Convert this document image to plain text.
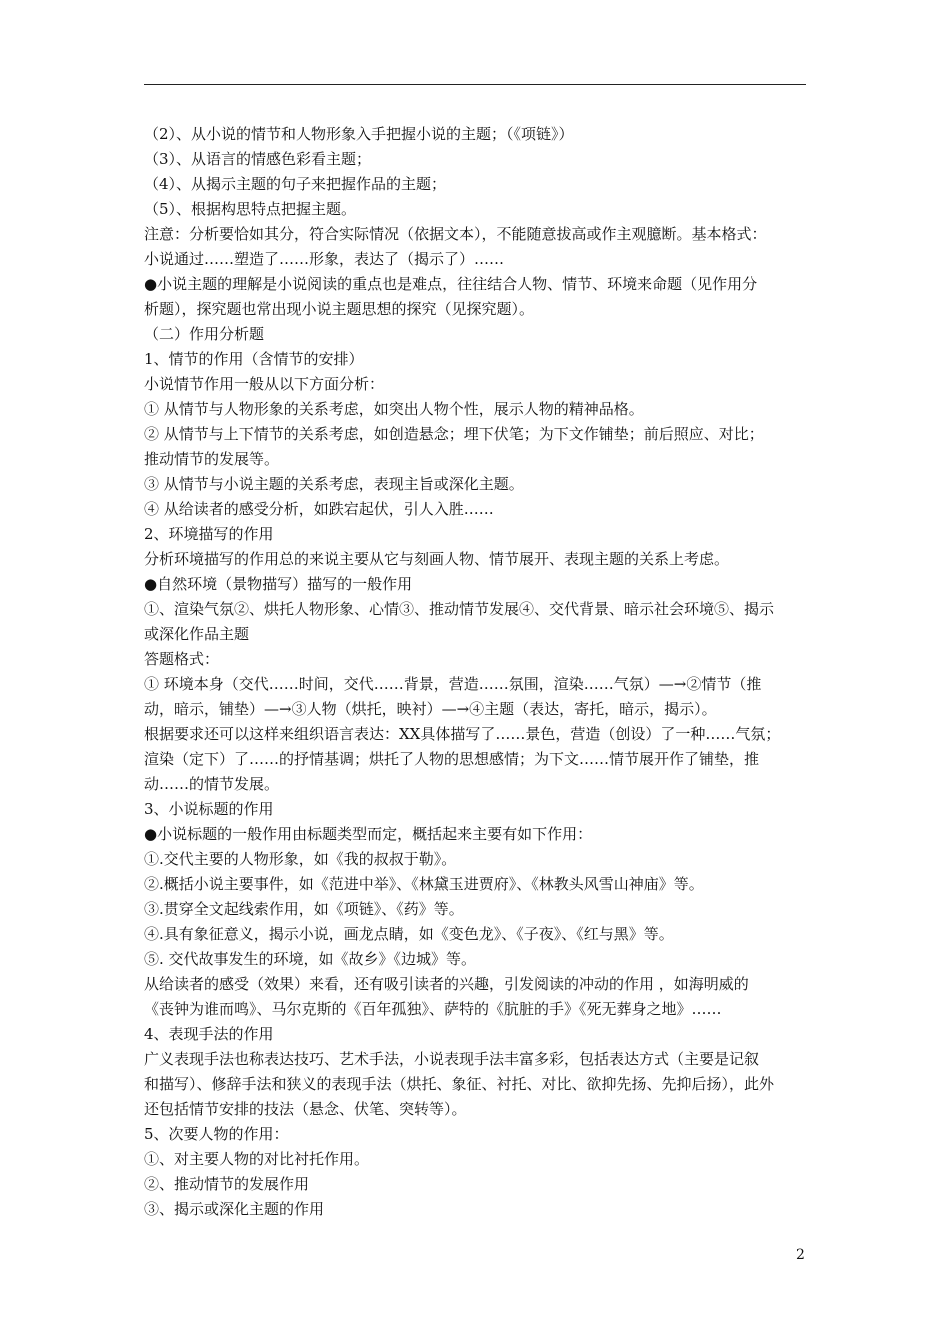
（2）、从小说的情节和人物形象入手把握小说的主题；（《项链》）
（3）、从语言的情感色彩看主题；
（4）、从揭示主题的句子来把握作品的主题；
（5）、根据构思特点把握主题。
注意：分析要恰如其分，符合实际情况（依据文本），不能随意拔高或作主观臆断。基本格式：
小说通过……塑造了……形象，表达了（揭示了）……
●小说主题的理解是小说阅读的重点也是难点，往往结合人物、情节、环境来命题（见作用分
析题），探究题也常出现小说主题思想的探究（见探究题）。
（二）作用分析题
1、情节的作用（含情节的安排）
小说情节作用一般从以下方面分析：
① 从情节与人物形象的关系考虑，如突出人物个性，展示人物的精神品格。
② 从情节与上下情节的关系考虑，如创造悬念；埋下伏笔；为下文作铺垫；前后照应、对比；
推动情节的发展等。
③ 从情节与小说主题的关系考虑，表现主旨或深化主题。
④ 从给读者的感受分析，如跌宕起伏，引人入胜……
2、环境描写的作用
分析环境描写的作用总的来说主要从它与刻画人物、情节展开、表现主题的关系上考虑。
●自然环境（景物描写）描写的一般作用
①、渲染气氛②、烘托人物形象、心情③、推动情节发展④、交代背景、暗示社会环境⑤、揭示
或深化作品主题
答题格式：
① 环境本身（交代……时间，交代……背景，营造……氛围，渲染……气氛）—→②情节（推
动，暗示，铺垫）—→③人物（烘托，映衬）—→④主题（表达，寄托，暗示，揭示）。
根据要求还可以这样来组织语言表达：XX具体描写了……景色，营造（创设）了一种……气氛；
渲染（定下）了……的抒情基调；烘托了人物的思想感情；为下文……情节展开作了铺垫，推
动……的情节发展。
3、小说标题的作用
●小说标题的一般作用由标题类型而定，概括起来主要有如下作用：
①.交代主要的人物形象，如《我的叔叔于勒》。
②.概括小说主要事件，如《范进中举》、《林黛玉进贾府》、《林教头风雪山神庙》等。
③.贯穿全文起线索作用，如《项链》、《药》等。
④.具有象征意义，揭示小说，画龙点睛，如《变色龙》、《子夜》、《红与黑》等。
⑤. 交代故事发生的环境，如《故乡》《边城》等。
从给读者的感受（效果）来看，还有吸引读者的兴趣，引发阅读的冲动的作用 ，如海明威的
《丧钟为谁而鸣》、马尔克斯的《百年孤独》、萨特的《肮脏的手》《死无葬身之地》……
4、表现手法的作用
广义表现手法也称表达技巧、艺术手法，小说表现手法丰富多彩，包括表达方式（主要是记叙
和描写）、修辞手法和狭义的表现手法（烘托、象征、衬托、对比、欲抑先扬、先抑后扬），此外
还包括情节安排的技法（悬念、伏笔、突转等）。
5、次要人物的作用：
①、对主要人物的对比衬托作用。
②、推动情节的发展作用
③、揭示或深化主题的作用
2
